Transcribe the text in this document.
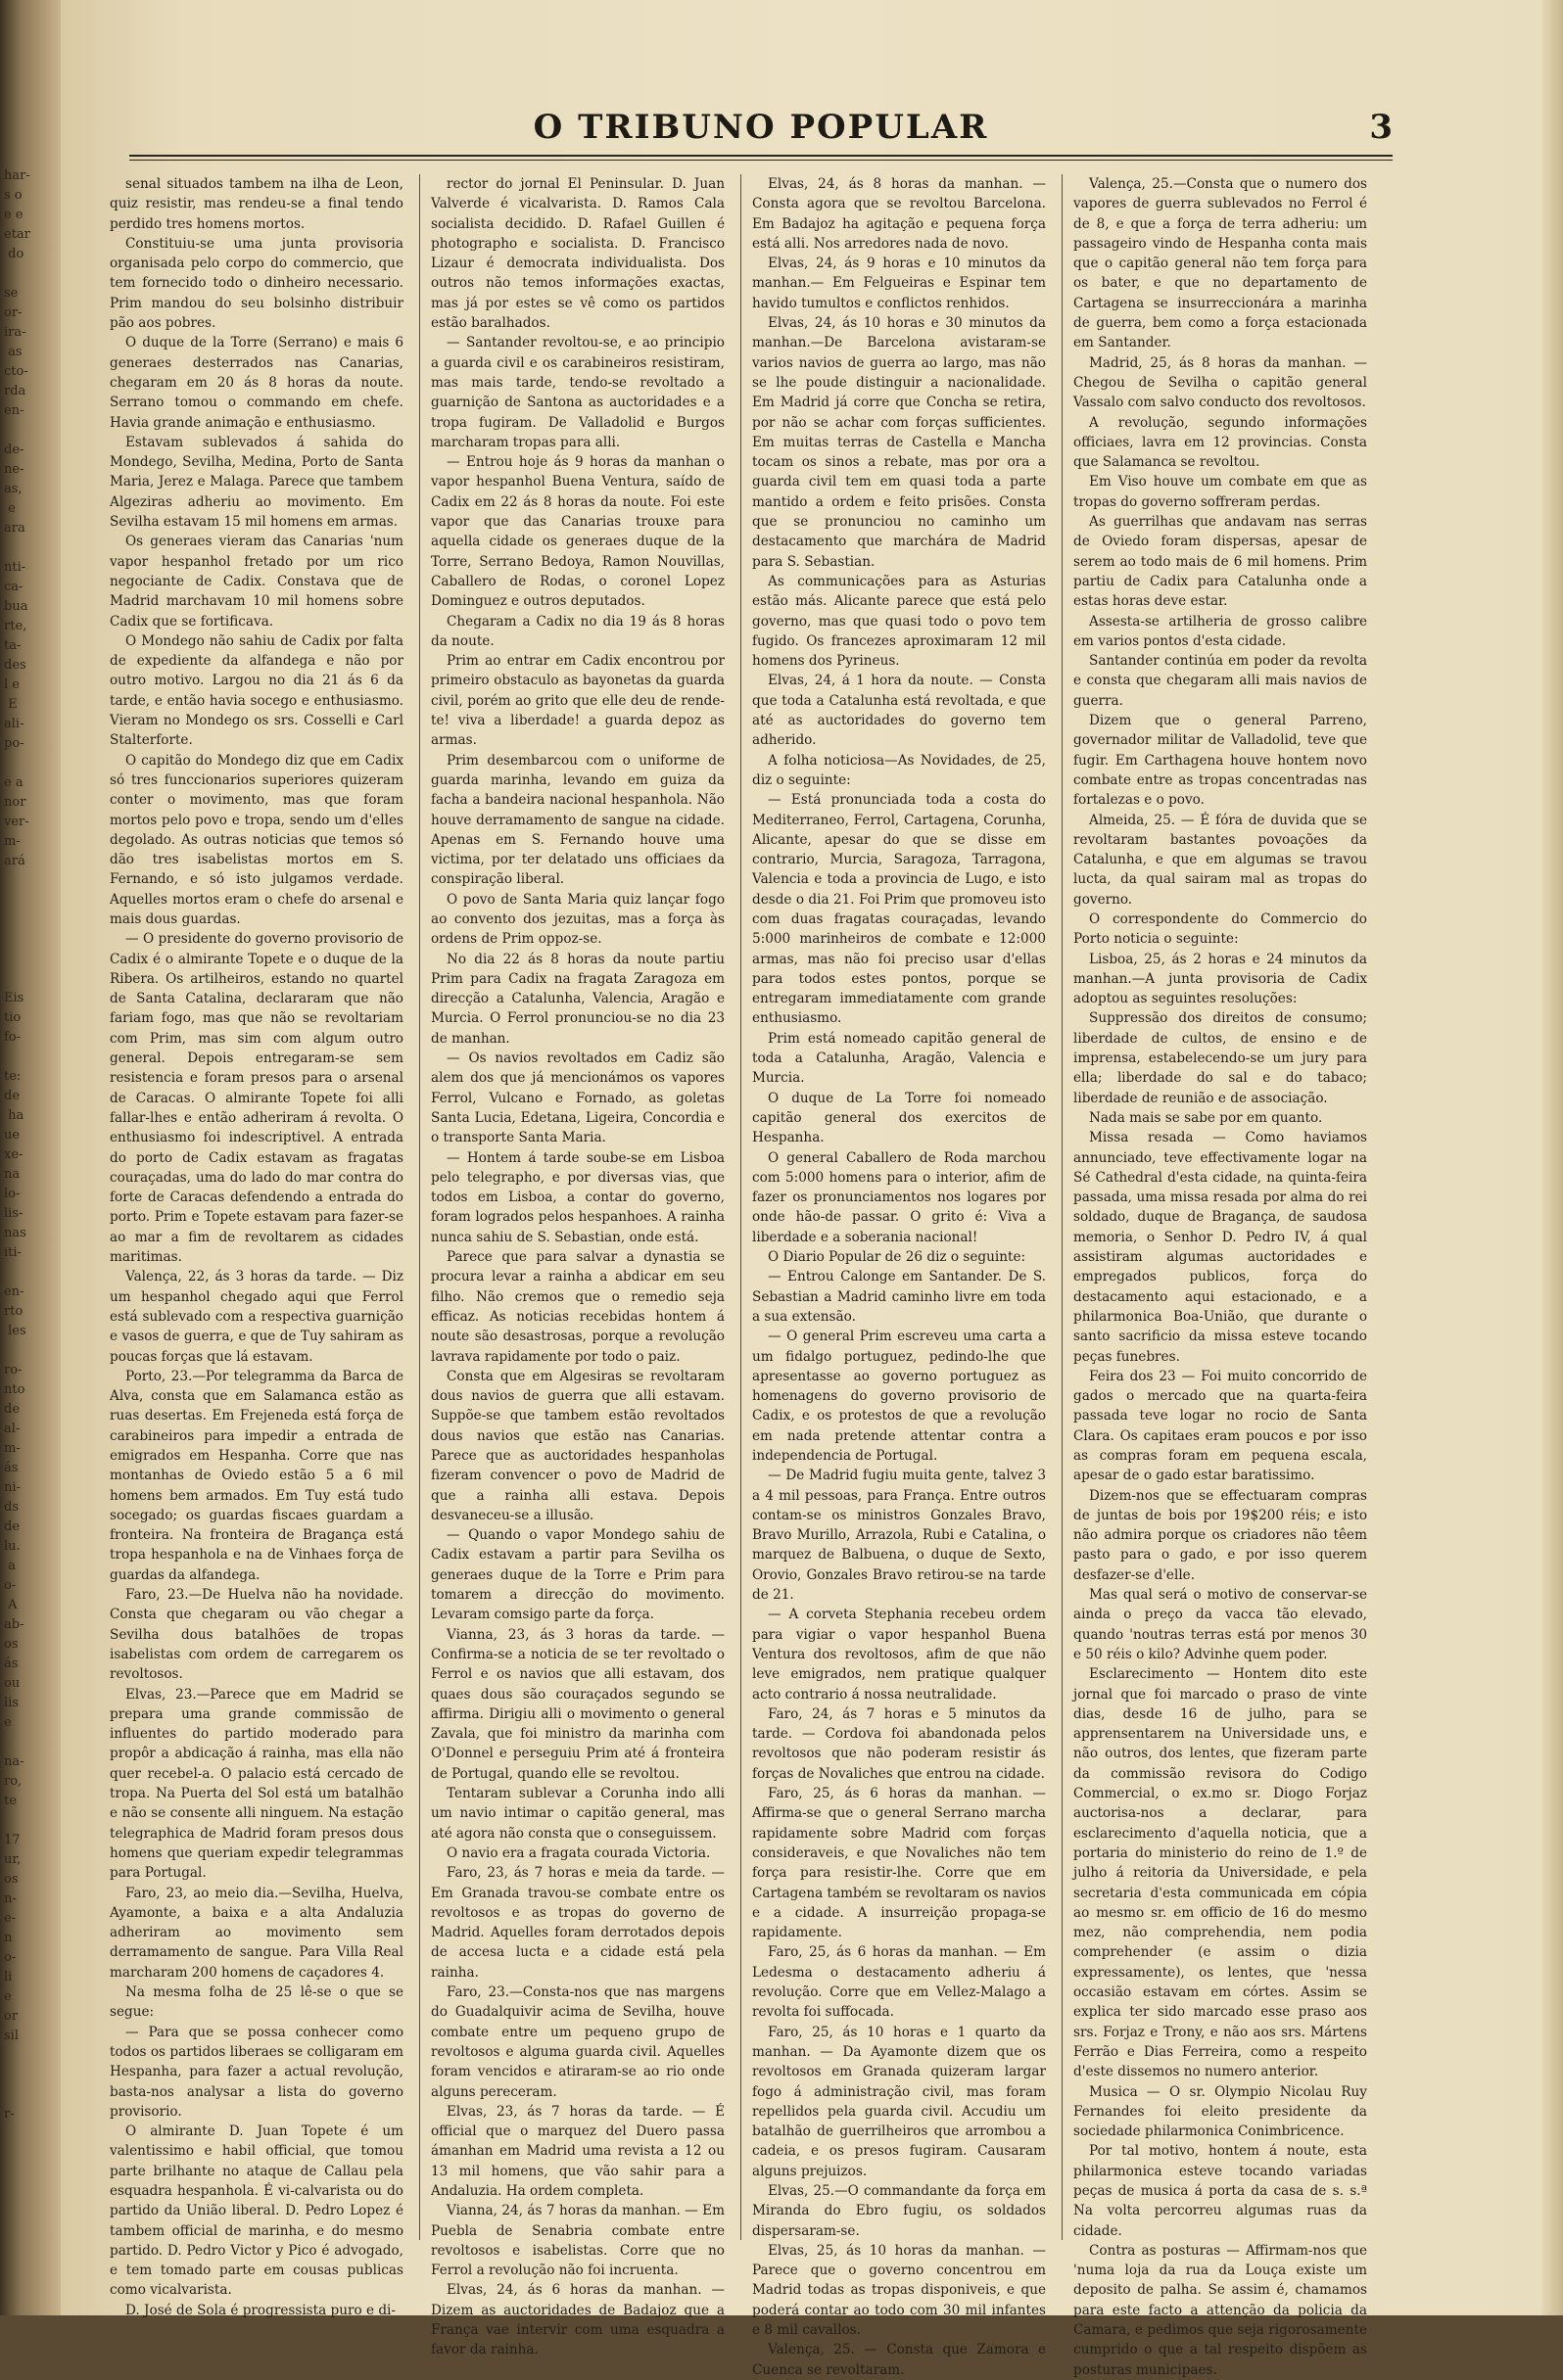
har-
s o
e e
etar
do

se
or-
ira-
as
cto-
rda
en-

de-
ne-
as,
e
ara

nti-
ca-
bua
rte,
ta-
des
l e
E
ali-
po-

e a
nor
ver-
m-
ará

Eis
tio
fo-

te:
de
ha
ue
xe-
na
lo-
lis-
nas
iti-

en-
rto
les

ro-
nto
de
al-
m-
ás
ni-
ds
de
lu.
a
o-
A
ab-
os
ás
ou
lis
e

na-
ro,
te

17
ur,
os
n-
e-
n
o-
li
e
or
sil

r-
O TRIBUNO POPULAR	3

senal situados tambem na ilha de Leon, quiz resistir, mas rendeu-se a final tendo perdido tres homens mortos.

Constituiu-se uma junta provisoria organisada pelo corpo do commercio, que tem fornecido todo o dinheiro necessario. Prim mandou do seu bolsinho distribuir pão aos pobres.

O duque de la Torre (Serrano) e mais 6 generaes desterrados nas Canarias, chegaram em 20 ás 8 horas da noute. Serrano tomou o commando em chefe. Havia grande animação e enthusiasmo.

Estavam sublevados á sahida do Mondego, Sevilha, Medina, Porto de Santa Maria, Jerez e Malaga. Parece que tambem Algeziras adheriu ao movimento. Em Sevilha estavam 15 mil homens em armas.

Os generaes vieram das Canarias 'num vapor hespanhol fretado por um rico negociante de Cadix. Constava que de Madrid marchavam 10 mil homens sobre Cadix que se fortificava.

O Mondego não sahiu de Cadix por falta de expediente da alfandega e não por outro motivo. Largou no dia 21 ás 6 da tarde, e então havia socego e enthusiasmo. Vieram no Mondego os srs. Cosselli e Carl Stalterforte.

O capitão do Mondego diz que em Cadix só tres funccionarios superiores quizeram conter o movimento, mas que foram mortos pelo povo e tropa, sendo um d'elles degolado. As outras noticias que temos só dão tres isabelistas mortos em S. Fernando, e só isto julgamos verdade. Aquelles mortos eram o chefe do arsenal e mais dous guardas.

— O presidente do governo provisorio de Cadix é o almirante Topete e o duque de la Ribera. Os artilheiros, estando no quartel de Santa Catalina, declararam que não fariam fogo, mas que não se revoltariam com Prim, mas sim com algum outro general. Depois entregaram-se sem resistencia e foram presos para o arsenal de Caracas. O almirante Topete foi alli fallar-lhes e então adheriram á revolta. O enthusiasmo foi indescriptivel. A entrada do porto de Cadix estavam as fragatas couraçadas, uma do lado do mar contra do forte de Caracas defendendo a entrada do porto. Prim e Topete estavam para fazer-se ao mar a fim de revoltarem as cidades maritimas.

Valença, 22, ás 3 horas da tarde. — Diz um hespanhol chegado aqui que Ferrol está sublevado com a respectiva guarnição e vasos de guerra, e que de Tuy sahiram as poucas forças que lá estavam.

Porto, 23.—Por telegramma da Barca de Alva, consta que em Salamanca estão as ruas desertas. Em Frejeneda está força de carabineiros para impedir a entrada de emigrados em Hespanha. Corre que nas montanhas de Oviedo estão 5 a 6 mil homens bem armados. Em Tuy está tudo socegado; os guardas fiscaes guardam a fronteira. Na fronteira de Bragança está tropa hespanhola e na de Vinhaes força de guardas da alfandega.

Faro, 23.—De Huelva não ha novidade. Consta que chegaram ou vão chegar a Sevilha dous batalhões de tropas isabelistas com ordem de carregarem os revoltosos.

Elvas, 23.—Parece que em Madrid se prepara uma grande commissão de influentes do partido moderado para propôr a abdicação á rainha, mas ella não quer recebel-a. O palacio está cercado de tropa. Na Puerta del Sol está um batalhão e não se consente alli ninguem. Na estação telegraphica de Madrid foram presos dous homens que queriam expedir telegrammas para Portugal.

Faro, 23, ao meio dia.—Sevilha, Huelva, Ayamonte, a baixa e a alta Andaluzia adheriram ao movimento sem derramamento de sangue. Para Villa Real marcharam 200 homens de caçadores 4.

Na mesma folha de 25 lê-se o que se segue:

— Para que se possa conhecer como todos os partidos liberaes se colligaram em Hespanha, para fazer a actual revolução, basta-nos analysar a lista do governo provisorio.

O almirante D. Juan Topete é um valentissimo e habil official, que tomou parte brilhante no ataque de Callau pela esquadra hespanhola. É vi-calvarista ou do partido da União liberal. D. Pedro Lopez é tambem official de marinha, e do mesmo partido. D. Pedro Victor y Pico é advogado, e tem tomado parte em cousas publicas como vicalvarista.

D. José de Sola é progressista puro e di-

rector do jornal El Peninsular. D. Juan Valverde é vicalvarista. D. Ramos Cala socialista decidido. D. Rafael Guillen é photographo e socialista. D. Francisco Lizaur é democrata individualista. Dos outros não temos informações exactas, mas já por estes se vê como os partidos estão baralhados.

— Santander revoltou-se, e ao principio a guarda civil e os carabineiros resistiram, mas mais tarde, tendo-se revoltado a guarnição de Santona as auctoridades e a tropa fugiram. De Valladolid e Burgos marcharam tropas para alli.

— Entrou hoje ás 9 horas da manhan o vapor hespanhol Buena Ventura, saído de Cadix em 22 ás 8 horas da noute. Foi este vapor que das Canarias trouxe para aquella cidade os generaes duque de la Torre, Serrano Bedoya, Ramon Nouvillas, Caballero de Rodas, o coronel Lopez Dominguez e outros deputados.

Chegaram a Cadix no dia 19 ás 8 horas da noute.

Prim ao entrar em Cadix encontrou por primeiro obstaculo as bayonetas da guarda civil, porém ao grito que elle deu de rende-te! viva a liberdade! a guarda depoz as armas.

Prim desembarcou com o uniforme de guarda marinha, levando em guiza da facha a bandeira nacional hespanhola. Não houve derramamento de sangue na cidade. Apenas em S. Fernando houve uma victima, por ter delatado uns officiaes da conspiração liberal.

O povo de Santa Maria quiz lançar fogo ao convento dos jezuitas, mas a força às ordens de Prim oppoz-se.

No dia 22 ás 8 horas da noute partiu Prim para Cadix na fragata Zaragoza em direcção a Catalunha, Valencia, Aragão e Murcia. O Ferrol pronunciou-se no dia 23 de manhan.

— Os navios revoltados em Cadiz são alem dos que já mencionámos os vapores Ferrol, Vulcano e Fornado, as goletas Santa Lucia, Edetana, Ligeira, Concordia e o transporte Santa Maria.

— Hontem á tarde soube-se em Lisboa pelo telegrapho, e por diversas vias, que todos em Lisboa, a contar do governo, foram logrados pelos hespanhoes. A rainha nunca sahiu de S. Sebastian, onde está.

Parece que para salvar a dynastia se procura levar a rainha a abdicar em seu filho. Não cremos que o remedio seja efficaz. As noticias recebidas hontem á noute são desastrosas, porque a revolução lavrava rapidamente por todo o paiz.

Consta que em Algesiras se revoltaram dous navios de guerra que alli estavam. Suppõe-se que tambem estão revoltados dous navios que estão nas Canarias. Parece que as auctoridades hespanholas fizeram convencer o povo de Madrid de que a rainha alli estava. Depois desvaneceu-se a illusão.

— Quando o vapor Mondego sahiu de Cadix estavam a partir para Sevilha os generaes duque de la Torre e Prim para tomarem a direcção do movimento. Levaram comsigo parte da força.

Vianna, 23, ás 3 horas da tarde. — Confirma-se a noticia de se ter revoltado o Ferrol e os navios que alli estavam, dos quaes dous são couraçados segundo se affirma. Dirigiu alli o movimento o general Zavala, que foi ministro da marinha com O'Donnel e perseguiu Prim até á fronteira de Portugal, quando elle se revoltou.

Tentaram sublevar a Corunha indo alli um navio intimar o capitão general, mas até agora não consta que o conseguissem.

O navio era a fragata courada Victoria.

Faro, 23, ás 7 horas e meia da tarde. — Em Granada travou-se combate entre os revoltosos e as tropas do governo de Madrid. Aquelles foram derrotados depois de accesa lucta e a cidade está pela rainha.

Faro, 23.—Consta-nos que nas margens do Guadalquivir acima de Sevilha, houve combate entre um pequeno grupo de revoltosos e alguma guarda civil. Aquelles foram vencidos e atiraram-se ao rio onde alguns pereceram.

Elvas, 23, ás 7 horas da tarde. — É official que o marquez del Duero passa ámanhan em Madrid uma revista a 12 ou 13 mil homens, que vão sahir para a Andaluzia. Ha ordem completa.

Vianna, 24, ás 7 horas da manhan. — Em Puebla de Senabria combate entre revoltosos e isabelistas. Corre que no Ferrol a revolução não foi incruenta.

Elvas, 24, ás 6 horas da manhan. — Dizem as auctoridades de Badajoz que a França vae intervir com uma esquadra a favor da rainha.

Elvas, 24, ás 8 horas da manhan. —Consta agora que se revoltou Barcelona. Em Badajoz ha agitação e pequena força está alli. Nos arredores nada de novo.

Elvas, 24, ás 9 horas e 10 minutos da manhan.— Em Felgueiras e Espinar tem havido tumultos e conflictos renhidos.

Elvas, 24, ás 10 horas e 30 minutos da manhan.—De Barcelona avistaram-se varios navios de guerra ao largo, mas não se lhe poude distinguir a nacionalidade. Em Madrid já corre que Concha se retira, por não se achar com forças sufficientes. Em muitas terras de Castella e Mancha tocam os sinos a rebate, mas por ora a guarda civil tem em quasi toda a parte mantido a ordem e feito prisões. Consta que se pronunciou no caminho um destacamento que marchára de Madrid para S. Sebastian.

As communicações para as Asturias estão más. Alicante parece que está pelo governo, mas que quasi todo o povo tem fugido. Os francezes aproximaram 12 mil homens dos Pyrineus.

Elvas, 24, á 1 hora da noute. — Consta que toda a Catalunha está revoltada, e que até as auctoridades do governo tem adherido.

A folha noticiosa—As Novidades, de 25, diz o seguinte:

— Está pronunciada toda a costa do Mediterraneo, Ferrol, Cartagena, Corunha, Alicante, apesar do que se disse em contrario, Murcia, Saragoza, Tarragona, Valencia e toda a provincia de Lugo, e isto desde o dia 21. Foi Prim que promoveu isto com duas fragatas couraçadas, levando 5:000 marinheiros de combate e 12:000 armas, mas não foi preciso usar d'ellas para todos estes pontos, porque se entregaram immediatamente com grande enthusiasmo.

Prim está nomeado capitão general de toda a Catalunha, Aragão, Valencia e Murcia.

O duque de La Torre foi nomeado capitão general dos exercitos de Hespanha.

O general Caballero de Roda marchou com 5:000 homens para o interior, afim de fazer os pronunciamentos nos logares por onde hão-de passar. O grito é: Viva a liberdade e a soberania nacional!

O Diario Popular de 26 diz o seguinte:

— Entrou Calonge em Santander. De S. Sebastian a Madrid caminho livre em toda a sua extensão.

— O general Prim escreveu uma carta a um fidalgo portuguez, pedindo-lhe que apresentasse ao governo portuguez as homenagens do governo provisorio de Cadix, e os protestos de que a revolução em nada pretende attentar contra a independencia de Portugal.

— De Madrid fugiu muita gente, talvez 3 a 4 mil pessoas, para França. Entre outros contam-se os ministros Gonzales Bravo, Bravo Murillo, Arrazola, Rubi e Catalina, o marquez de Balbuena, o duque de Sexto, Orovio, Gonzales Bravo retirou-se na tarde de 21.

— A corveta Stephania recebeu ordem para vigiar o vapor hespanhol Buena Ventura dos revoltosos, afim de que não leve emigrados, nem pratique qualquer acto contrario á nossa neutralidade.

Faro, 24, ás 7 horas e 5 minutos da tarde. — Cordova foi abandonada pelos revoltosos que não poderam resistir ás forças de Novaliches que entrou na cidade.

Faro, 25, ás 6 horas da manhan. — Affirma-se que o general Serrano marcha rapidamente sobre Madrid com forças consideraveis, e que Novaliches não tem força para resistir-lhe. Corre que em Cartagena também se revoltaram os navios e a cidade. A insurreição propaga-se rapidamente.

Faro, 25, ás 6 horas da manhan. — Em Ledesma o destacamento adheriu á revolução. Corre que em Vellez-Malago a revolta foi suffocada.

Faro, 25, ás 10 horas e 1 quarto da manhan. — Da Ayamonte dizem que os revoltosos em Granada quizeram largar fogo á administração civil, mas foram repellidos pela guarda civil. Accudiu um batalhão de guerrilheiros que arrombou a cadeia, e os presos fugiram. Causaram alguns prejuizos.

Elvas, 25.—O commandante da força em Miranda do Ebro fugiu, os soldados dispersaram-se.

Elvas, 25, ás 10 horas da manhan. — Parece que o governo concentrou em Madrid todas as tropas disponiveis, e que poderá contar ao todo com 30 mil infantes e 8 mil cavallos.

Valença, 25. — Consta que Zamora e Cuenca se revoltaram.

Valença, 25.—Consta que o numero dos vapores de guerra sublevados no Ferrol é de 8, e que a força de terra adheriu: um passageiro vindo de Hespanha conta mais que o capitão general não tem força para os bater, e que no departamento de Cartagena se insurreccionára a marinha de guerra, bem como a força estacionada em Santander.

Madrid, 25, ás 8 horas da manhan. — Chegou de Sevilha o capitão general Vassalo com salvo conducto dos revoltosos.

A revolução, segundo informações officiaes, lavra em 12 provincias. Consta que Salamanca se revoltou.

Em Viso houve um combate em que as tropas do governo soffreram perdas.

As guerrilhas que andavam nas serras de Oviedo foram dispersas, apesar de serem ao todo mais de 6 mil homens. Prim partiu de Cadix para Catalunha onde a estas horas deve estar.

Assesta-se artilheria de grosso calibre em varios pontos d'esta cidade.

Santander continúa em poder da revolta e consta que chegaram alli mais navios de guerra.

Dizem que o general Parreno, governador militar de Valladolid, teve que fugir. Em Carthagena houve hontem novo combate entre as tropas concentradas nas fortalezas e o povo.

Almeida, 25. — É fóra de duvida que se revoltaram bastantes povoações da Catalunha, e que em algumas se travou lucta, da qual sairam mal as tropas do governo.

O correspondente do Commercio do Porto noticia o seguinte:

Lisboa, 25, ás 2 horas e 24 minutos da manhan.—A junta provisoria de Cadix adoptou as seguintes resoluções:

Suppressão dos direitos de consumo; liberdade de cultos, de ensino e de imprensa, estabelecendo-se um jury para ella; liberdade do sal e do tabaco; liberdade de reunião e de associação.

Nada mais se sabe por em quanto.

Missa resada — Como haviamos annunciado, teve effectivamente logar na Sé Cathedral d'esta cidade, na quinta-feira passada, uma missa resada por alma do rei soldado, duque de Bragança, de saudosa memoria, o Senhor D. Pedro IV, á qual assistiram algumas auctoridades e empregados publicos, força do destacamento aqui estacionado, e a philarmonica Boa-União, que durante o santo sacrificio da missa esteve tocando peças funebres.

Feira dos 23 — Foi muito concorrido de gados o mercado que na quarta-feira passada teve logar no rocio de Santa Clara. Os capitaes eram poucos e por isso as compras foram em pequena escala, apesar de o gado estar baratissimo.

Dizem-nos que se effectuaram compras de juntas de bois por 19$200 réis; e isto não admira porque os criadores não têem pasto para o gado, e por isso querem desfazer-se d'elle.

Mas qual será o motivo de conservar-se ainda o preço da vacca tão elevado, quando 'noutras terras está por menos 30 e 50 réis o kilo? Advinhe quem poder.

Esclarecimento — Hontem dito este jornal que foi marcado o praso de vinte dias, desde 16 de julho, para se apprensentarem na Universidade uns, e não outros, dos lentes, que fizeram parte da commissão revisora do Codigo Commercial, o ex.mo sr. Diogo Forjaz auctorisa-nos a declarar, para esclarecimento d'aquella noticia, que a portaria do ministerio do reino de 1.º de julho á reitoria da Universidade, e pela secretaria d'esta communicada em cópia ao mesmo sr. em officio de 16 do mesmo mez, não comprehendia, nem podia comprehender (e assim o dizia expressamente), os lentes, que 'nessa occasião estavam em córtes. Assim se explica ter sido marcado esse praso aos srs. Forjaz e Trony, e não aos srs. Mártens Ferrão e Dias Ferreira, como a respeito d'este dissemos no numero anterior.

Musica — O sr. Olympio Nicolau Ruy Fernandes foi eleito presidente da sociedade philarmonica Conimbricence.

Por tal motivo, hontem á noute, esta philarmonica esteve tocando variadas peças de musica á porta da casa de s. s.ª Na volta percorreu algumas ruas da cidade.

Contra as posturas — Affirmam-nos que 'numa loja da rua da Louça existe um deposito de palha. Se assim é, chamamos para este facto a attenção da policia da Camara, e pedimos que seja rigorosamente cumprido o que a tal respeito dispõem as posturas municipaes.
